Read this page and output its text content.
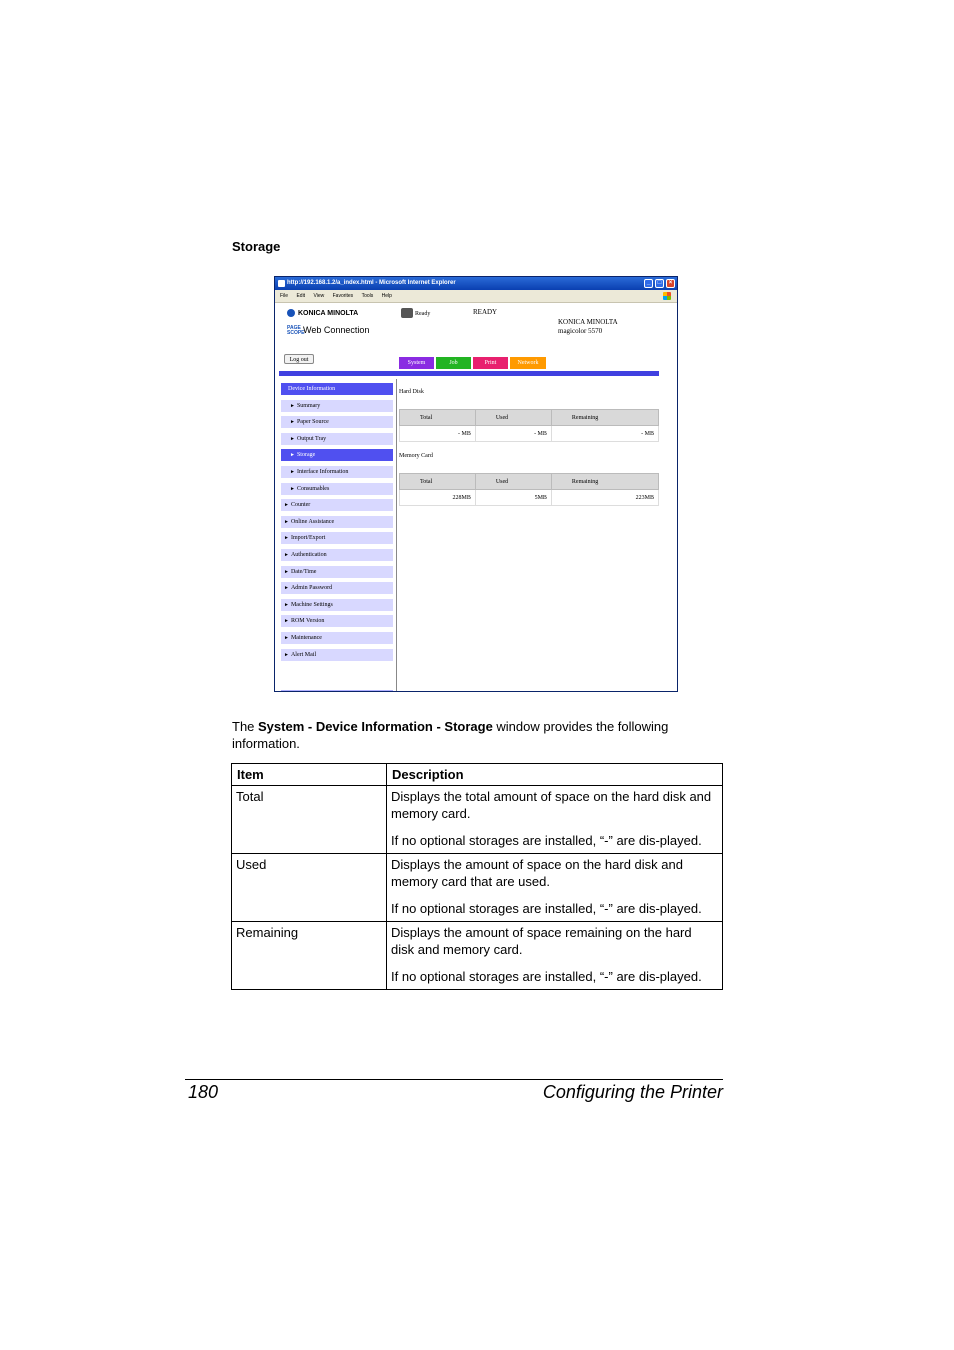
Storage
http://192.168.1.2/a_index.html - Microsoft Internet Explorer	_	□	×
File Edit View Favorites Tools Help
KONICA MINOLTA
PAGE SCOPEWeb Connection
Ready	READY
KONICA MINOLTA
magicolor 5570
Log out	System	Job	Print	Network
Device Information
► Summary
► Paper Source
► Output Tray
► Storage
► Interface Information
► Consumables
► Counter
► Online Assistance
► Import/Export
► Authentication
► Date/Time
► Admin Password
► Machine Settings
► ROM Version
► Maintenance
► Alert Mail
Hard Disk
Total	Used	Remaining
- MB	- MB	- MB
Memory Card
Total	Used	Remaining
228MB	5MB	223MB
The System - Device Information - Storage window provides the following information.
Item	Description
Total	Displays the total amount of space on the hard disk and memory card.

If no optional storages are installed, “-” are dis-played.

Used	Displays the amount of space on the hard disk and memory card that are used.

If no optional storages are installed, “-” are dis-played.

Remaining	Displays the amount of space remaining on the hard disk and memory card.

If no optional storages are installed, “-” are dis-played.

180	Configuring the Printer
